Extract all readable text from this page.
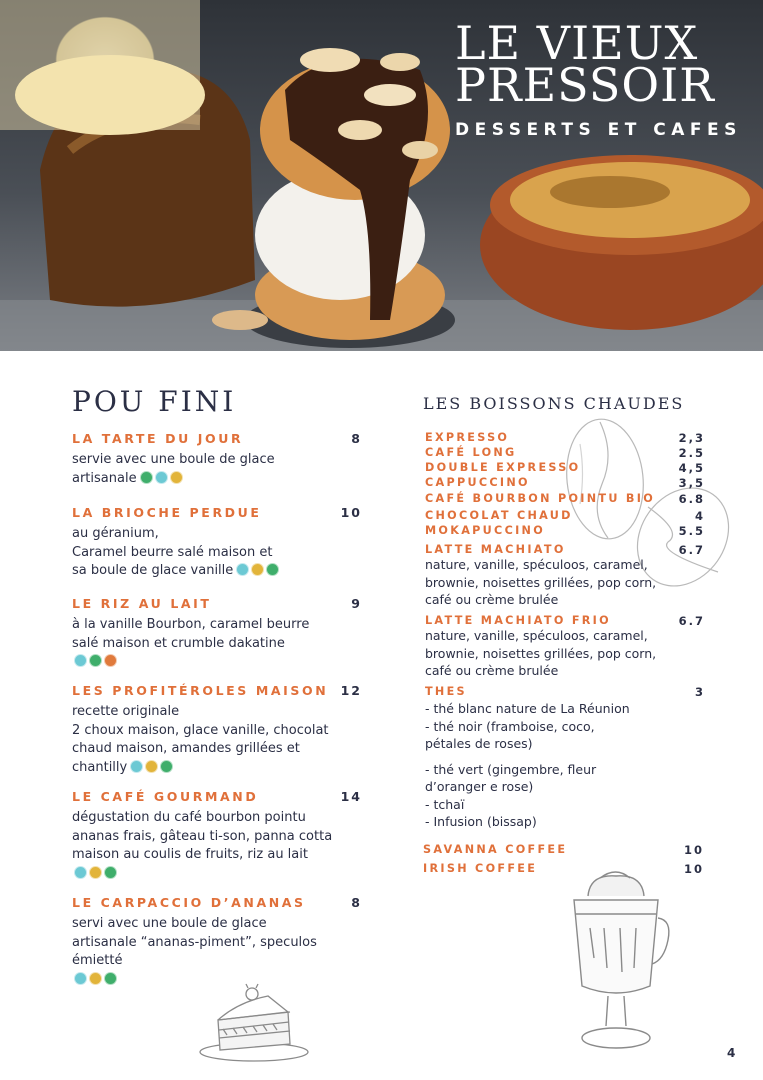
LE VIEUX
PRESSOIR
DESSERTS ET CAFES
POU FINI
LA TARTE DU JOUR	8
servie avec une boule de glace
artisanale
LA BRIOCHE PERDUE	10
au géranium,
Caramel beurre salé maison et
sa boule de glace vanille
LE RIZ AU LAIT	9
à la vanille Bourbon, caramel beurre
salé maison et crumble dakatine
LES PROFITÉROLES MAISON 12
recette originale
2 choux maison, glace vanille, chocolat
chaud maison, amandes grillées et
chantilly
LE CAFÉ GOURMAND	14
dégustation du café bourbon pointu
ananas frais, gâteau ti-son, panna cotta
maison au coulis de fruits, riz au lait
LE CARPACCIO D’ANANAS	8
servi avec une boule de glace
artisanale “ananas-piment”, speculos
émietté
LES BOISSONS CHAUDES
EXPRESSO	2,3
CAFÉ LONG	2.5
DOUBLE EXPRESSO	4,5
CAPPUCCINO	3,5
CAFÉ BOURBON POINTU BIO	6.8
CHOCOLAT CHAUD	4
MOKAPUCCINO	5.5
LATTE MACHIATO	6.7
nature, vanille, spéculoos, caramel,
brownie, noisettes grillées, pop corn,
café ou crème brulée
LATTE MACHIATO FRIO	6.7
nature, vanille, spéculoos, caramel,
brownie, noisettes grillées, pop corn,
café ou crème brulée
THES	3
- thé blanc nature de La Réunion
- thé noir (framboise, coco,
pétales de roses)
- thé vert (gingembre, fleur
d’oranger e rose)
- tchaï
- Infusion (bissap)
SAVANNA COFFEE	10
IRISH COFFEE	10
4
